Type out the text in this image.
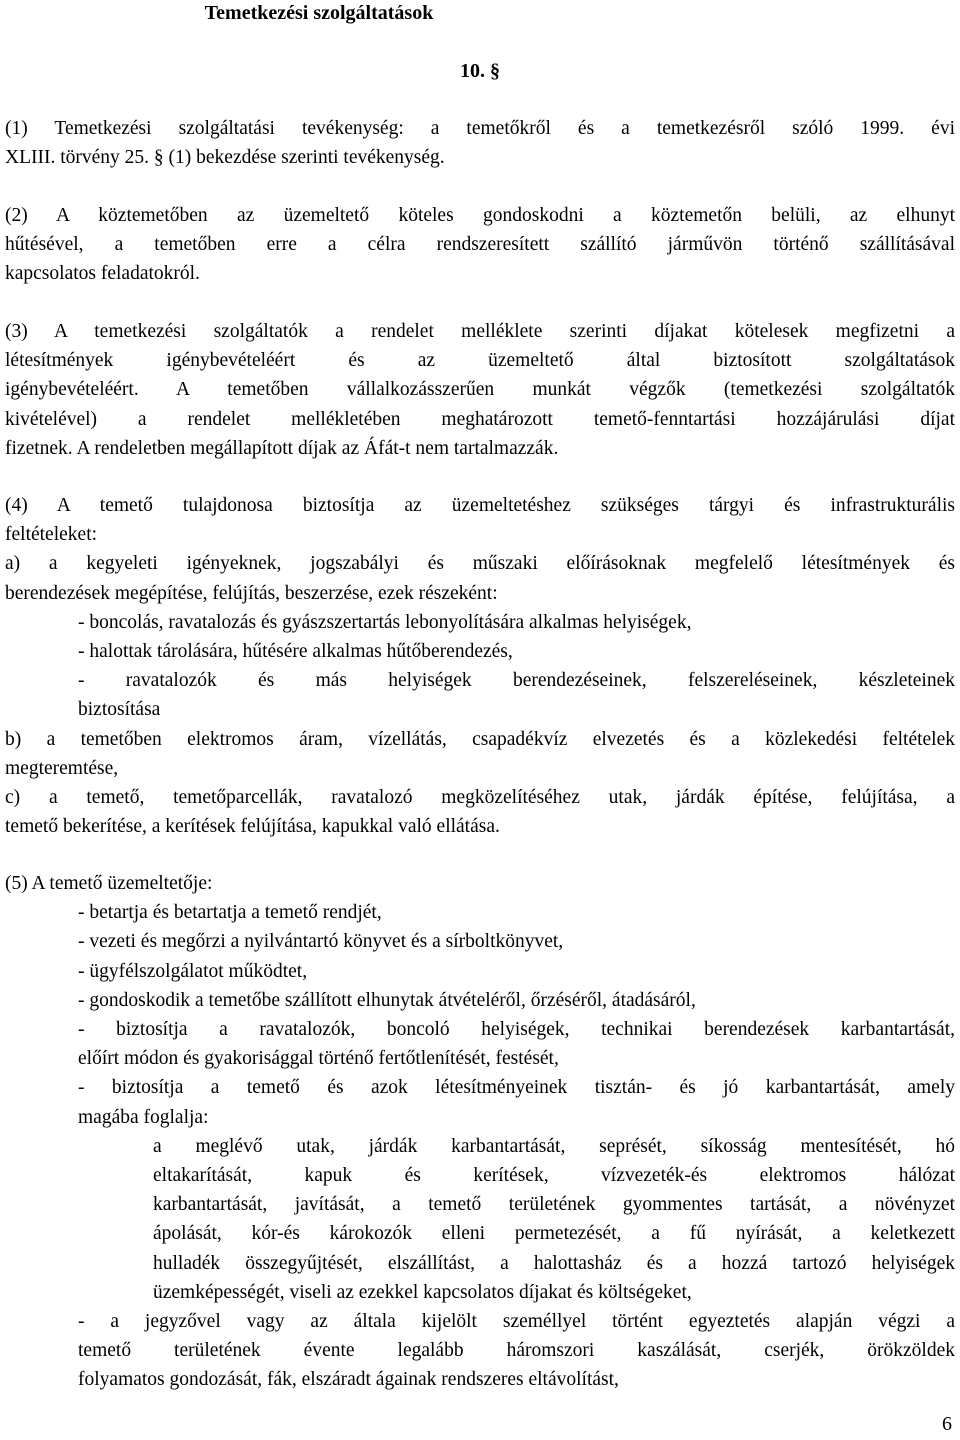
Temetkezési szolgáltatások
10. §
(1) Temetkezési szolgáltatási tevékenység: a temetőkről és a temetkezésről szóló 1999. évi
XLIII. törvény 25. § (1) bekezdése szerinti tevékenység.
(2) A köztemetőben az üzemeltető köteles gondoskodni a köztemetőn belüli, az elhunyt
hűtésével, a temetőben erre a célra rendszeresített szállító járművön történő szállításával
kapcsolatos feladatokról.
(3) A temetkezési szolgáltatók a rendelet melléklete szerinti díjakat kötelesek megfizetni a
létesítmények igénybevételéért és az üzemeltető által biztosított szolgáltatások
igénybevételéért. A temetőben vállalkozásszerűen munkát végzők (temetkezési szolgáltatók
kivételével) a rendelet mellékletében meghatározott temető-fenntartási hozzájárulási díjat
fizetnek. A rendeletben megállapított díjak az Áfát-t nem tartalmazzák.
(4) A temető tulajdonosa biztosítja az üzemeltetéshez szükséges tárgyi és infrastrukturális
feltételeket:
a) a kegyeleti igényeknek, jogszabályi és műszaki előírásoknak megfelelő létesítmények és
berendezések megépítése, felújítás, beszerzése, ezek részeként:
- boncolás, ravatalozás és gyászszertartás lebonyolítására alkalmas helyiségek,
- halottak tárolására, hűtésére alkalmas hűtőberendezés,
- ravatalozók és más helyiségek berendezéseinek, felszereléseinek, készleteinek
biztosítása
b) a temetőben elektromos áram, vízellátás, csapadékvíz elvezetés és a közlekedési feltételek
megteremtése,
c) a temető, temetőparcellák, ravatalozó megközelítéséhez utak, járdák építése, felújítása, a
temető bekerítése, a kerítések felújítása, kapukkal való ellátása.
(5) A temető üzemeltetője:
- betartja és betartatja a temető rendjét,
- vezeti és megőrzi a nyilvántartó könyvet és a sírboltkönyvet,
- ügyfélszolgálatot működtet,
- gondoskodik a temetőbe szállított elhunytak átvételéről, őrzéséről, átadásáról,
- biztosítja a ravatalozók, boncoló helyiségek, technikai berendezések karbantartását,
előírt módon és gyakorisággal történő fertőtlenítését, festését,
- biztosítja a temető és azok létesítményeinek tisztán- és jó karbantartását, amely
magába foglalja:
a meglévő utak, járdák karbantartását, seprését, síkosság mentesítését, hó
eltakarítását, kapuk és kerítések, vízvezeték-és elektromos hálózat
karbantartását, javítását, a temető területének gyommentes tartását, a növényzet
ápolását, kór-és károkozók elleni permetezését, a fű nyírását, a keletkezett
hulladék összegyűjtését, elszállítást, a halottasház és a hozzá tartozó helyiségek
üzemképességét, viseli az ezekkel kapcsolatos díjakat és költségeket,
- a jegyzővel vagy az általa kijelölt személlyel történt egyeztetés alapján végzi a
temető területének évente legalább háromszori kaszálását, cserjék, örökzöldek
folyamatos gondozását, fák, elszáradt ágainak rendszeres eltávolítást,
6
